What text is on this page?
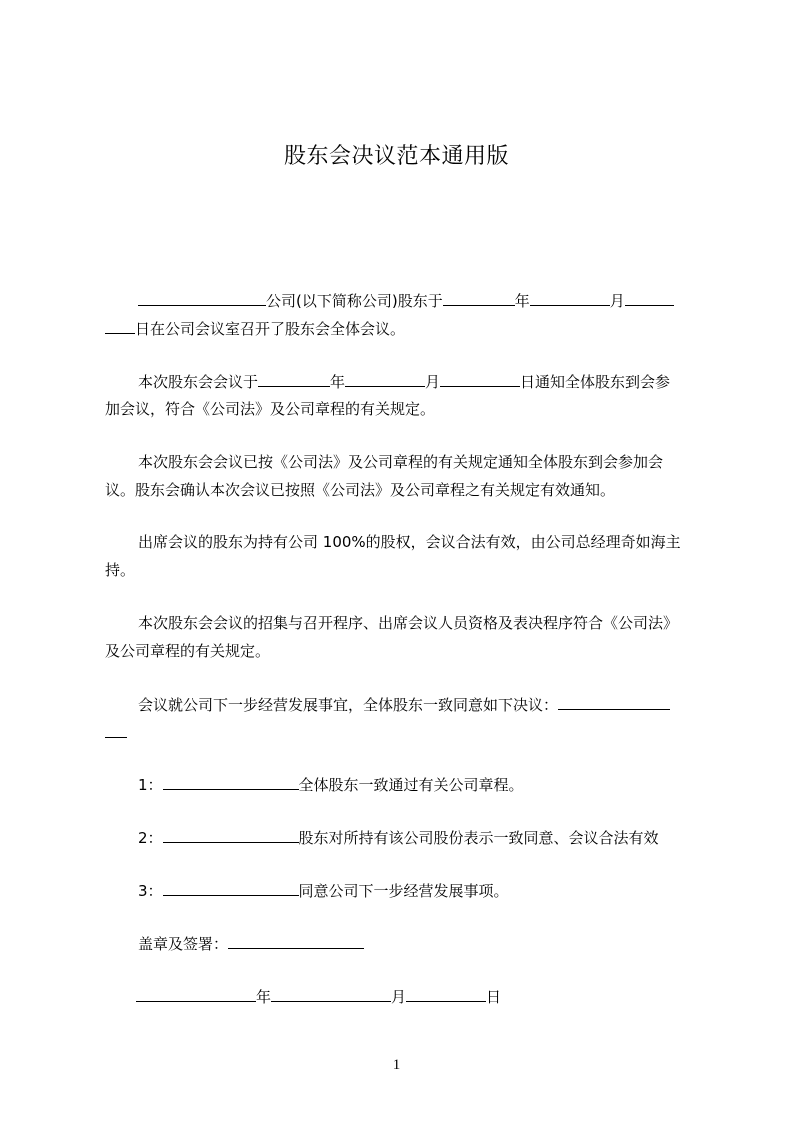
股东会决议范本通用版
公司(以下简称公司)股东于	年	月
日在公司会议室召开了股东会全体会议。
本次股东会会议于	年	月	日通知全体股东到会参
加会议，符合《公司法》及公司章程的有关规定。
本次股东会会议已按《公司法》及公司章程的有关规定通知全体股东到会参加会
议。股东会确认本次会议已按照《公司法》及公司章程之有关规定有效通知。
出席会议的股东为持有公司 100%的股权，会议合法有效，由公司总经理奇如海主
持。
本次股东会会议的招集与召开程序、出席会议人员资格及表决程序符合《公司法》
及公司章程的有关规定。
会议就公司下一步经营发展事宜，全体股东一致同意如下决议：
1：	全体股东一致通过有关公司章程。
2：	股东对所持有该公司股份表示一致同意、会议合法有效
3：	同意公司下一步经营发展事项。
盖章及签署：
年	月	日
1
